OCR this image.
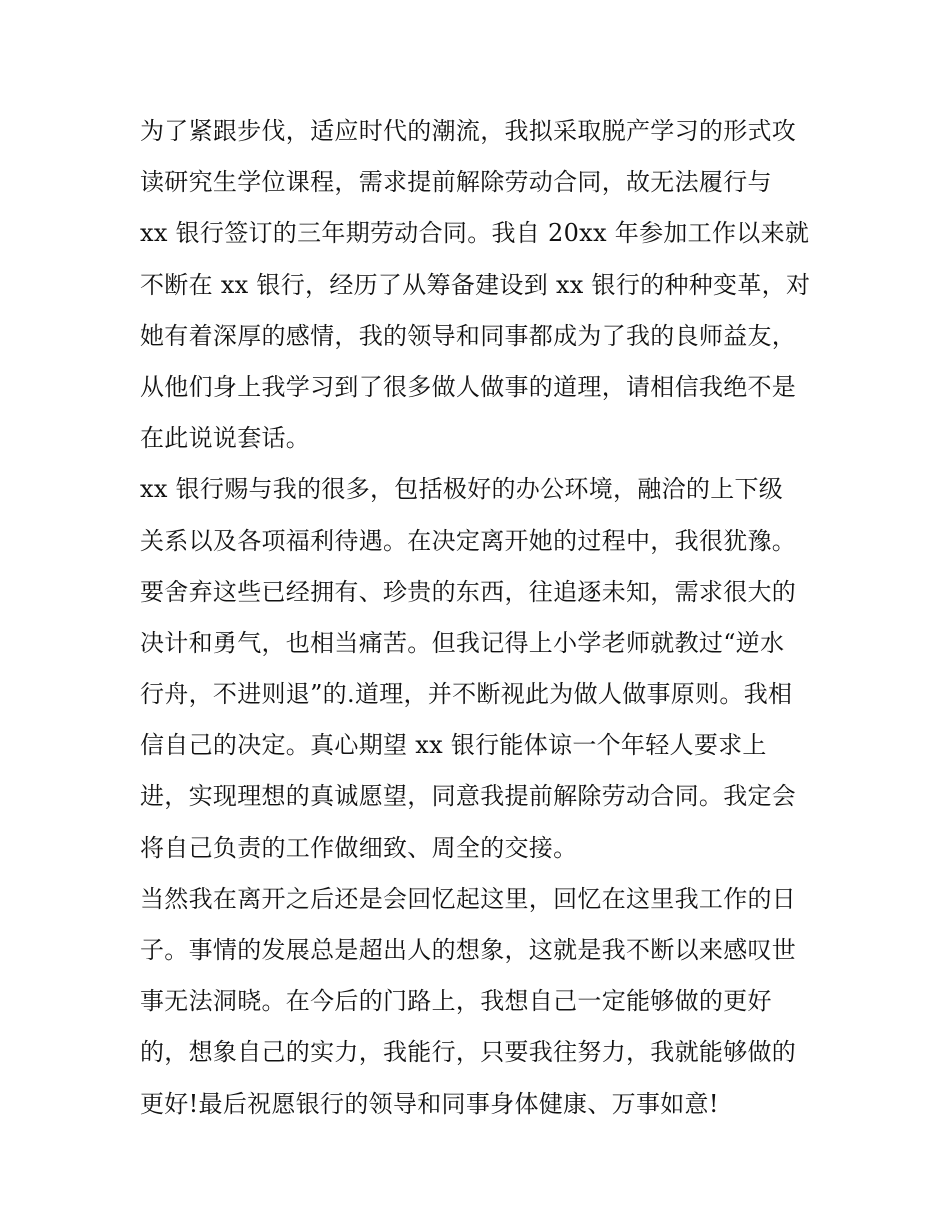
为了紧跟步伐，适应时代的潮流，我拟采取脱产学习的形式攻
读研究生学位课程，需求提前解除劳动合同，故无法履行与
xx 银行签订的三年期劳动合同。我自 20xx 年参加工作以来就
不断在 xx 银行，经历了从筹备建设到 xx 银行的种种变革，对
她有着深厚的感情，我的领导和同事都成为了我的良师益友，
从他们身上我学习到了很多做人做事的道理，请相信我绝不是
在此说说套话。
xx 银行赐与我的很多，包括极好的办公环境，融洽的上下级
关系以及各项福利待遇。在决定离开她的过程中，我很犹豫。
要舍弃这些已经拥有、珍贵的东西，往追逐未知，需求很大的
决计和勇气，也相当痛苦。但我记得上小学老师就教过“逆水
行舟，不进则退”的.道理，并不断视此为做人做事原则。我相
信自己的决定。真心期望 xx 银行能体谅一个年轻人要求上
进，实现理想的真诚愿望，同意我提前解除劳动合同。我定会
将自己负责的工作做细致、周全的交接。
当然我在离开之后还是会回忆起这里，回忆在这里我工作的日
子。事情的发展总是超出人的想象，这就是我不断以来感叹世
事无法洞晓。在今后的门路上，我想自己一定能够做的更好
的，想象自己的实力，我能行，只要我往努力，我就能够做的
更好!最后祝愿银行的领导和同事身体健康、万事如意!
